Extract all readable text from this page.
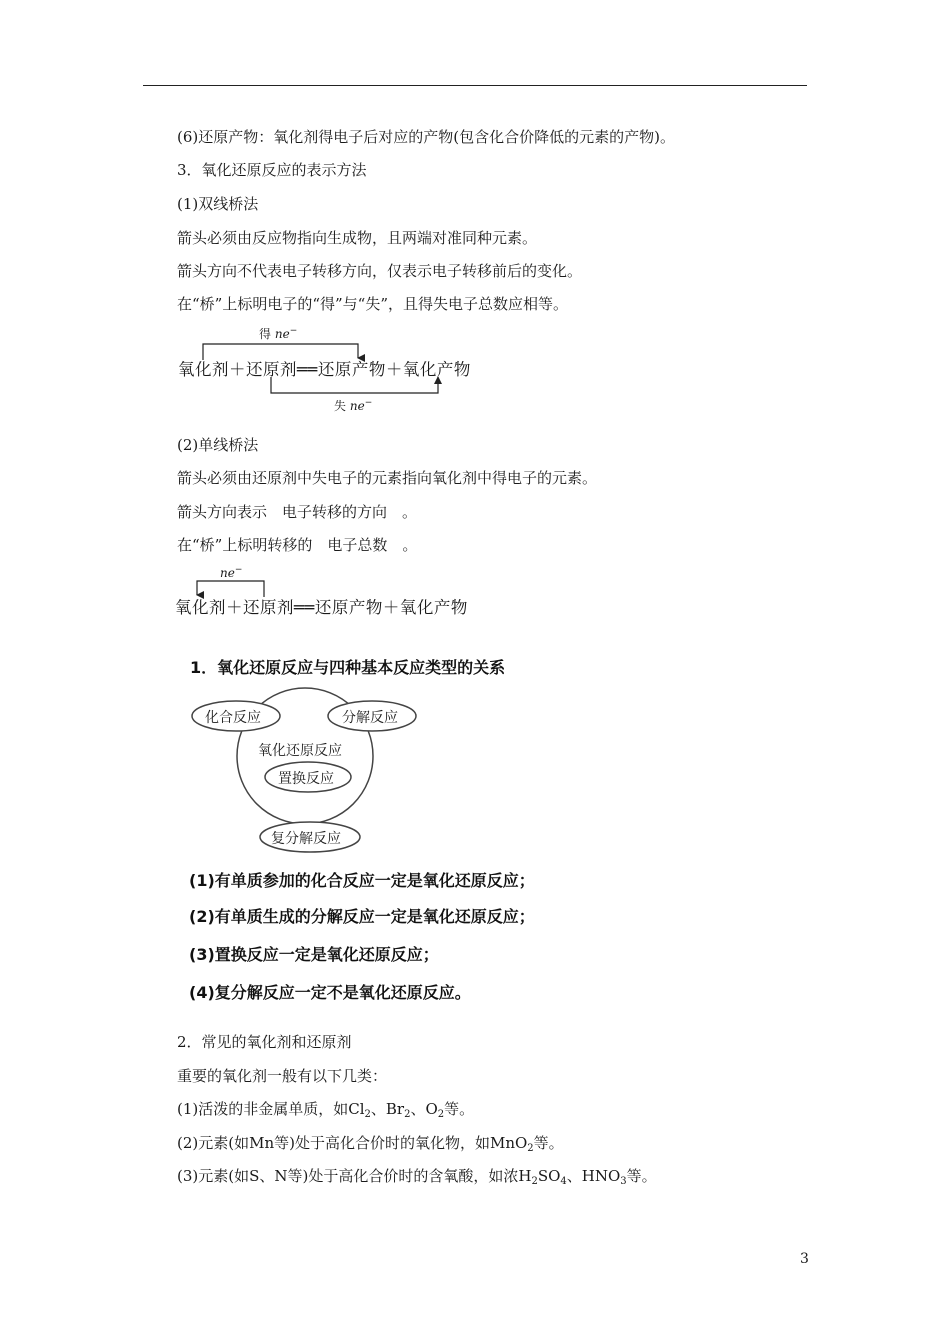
(6)还原产物：氧化剂得电子后对应的产物(包含化合价降低的元素的产物)。
3．氧化还原反应的表示方法
(1)双线桥法
箭头必须由反应物指向生成物，且两端对准同种元素。
箭头方向不代表电子转移方向，仅表示电子转移前后的变化。
在“桥”上标明电子的“得”与“失”，且得失电子总数应相等。
得 ne−
氧化剂＋还原剂══还原产物＋氧化产物
失 ne−
(2)单线桥法
箭头必须由还原剂中失电子的元素指向氧化剂中得电子的元素。
箭头方向表示　电子转移的方向　。
在“桥”上标明转移的　电子总数　。
ne−
氧化剂＋还原剂══还原产物＋氧化产物
1．氧化还原反应与四种基本反应类型的关系
化合反应	分解反应
氧化还原反应
置换反应
复分解反应
(1)有单质参加的化合反应一定是氧化还原反应；
(2)有单质生成的分解反应一定是氧化还原反应；
(3)置换反应一定是氧化还原反应；
(4)复分解反应一定不是氧化还原反应。
2．常见的氧化剂和还原剂
重要的氧化剂一般有以下几类：
(1)活泼的非金属单质，如$Cl_2$、$Br_2$、$O_2$等。
(2)元素(如Mn等)处于高化合价时的氧化物，如MnO$_2$等。
(3)元素(如S、N等)处于高化合价时的含氧酸，如浓$H_2SO_4$、$HNO_3$等。
3
